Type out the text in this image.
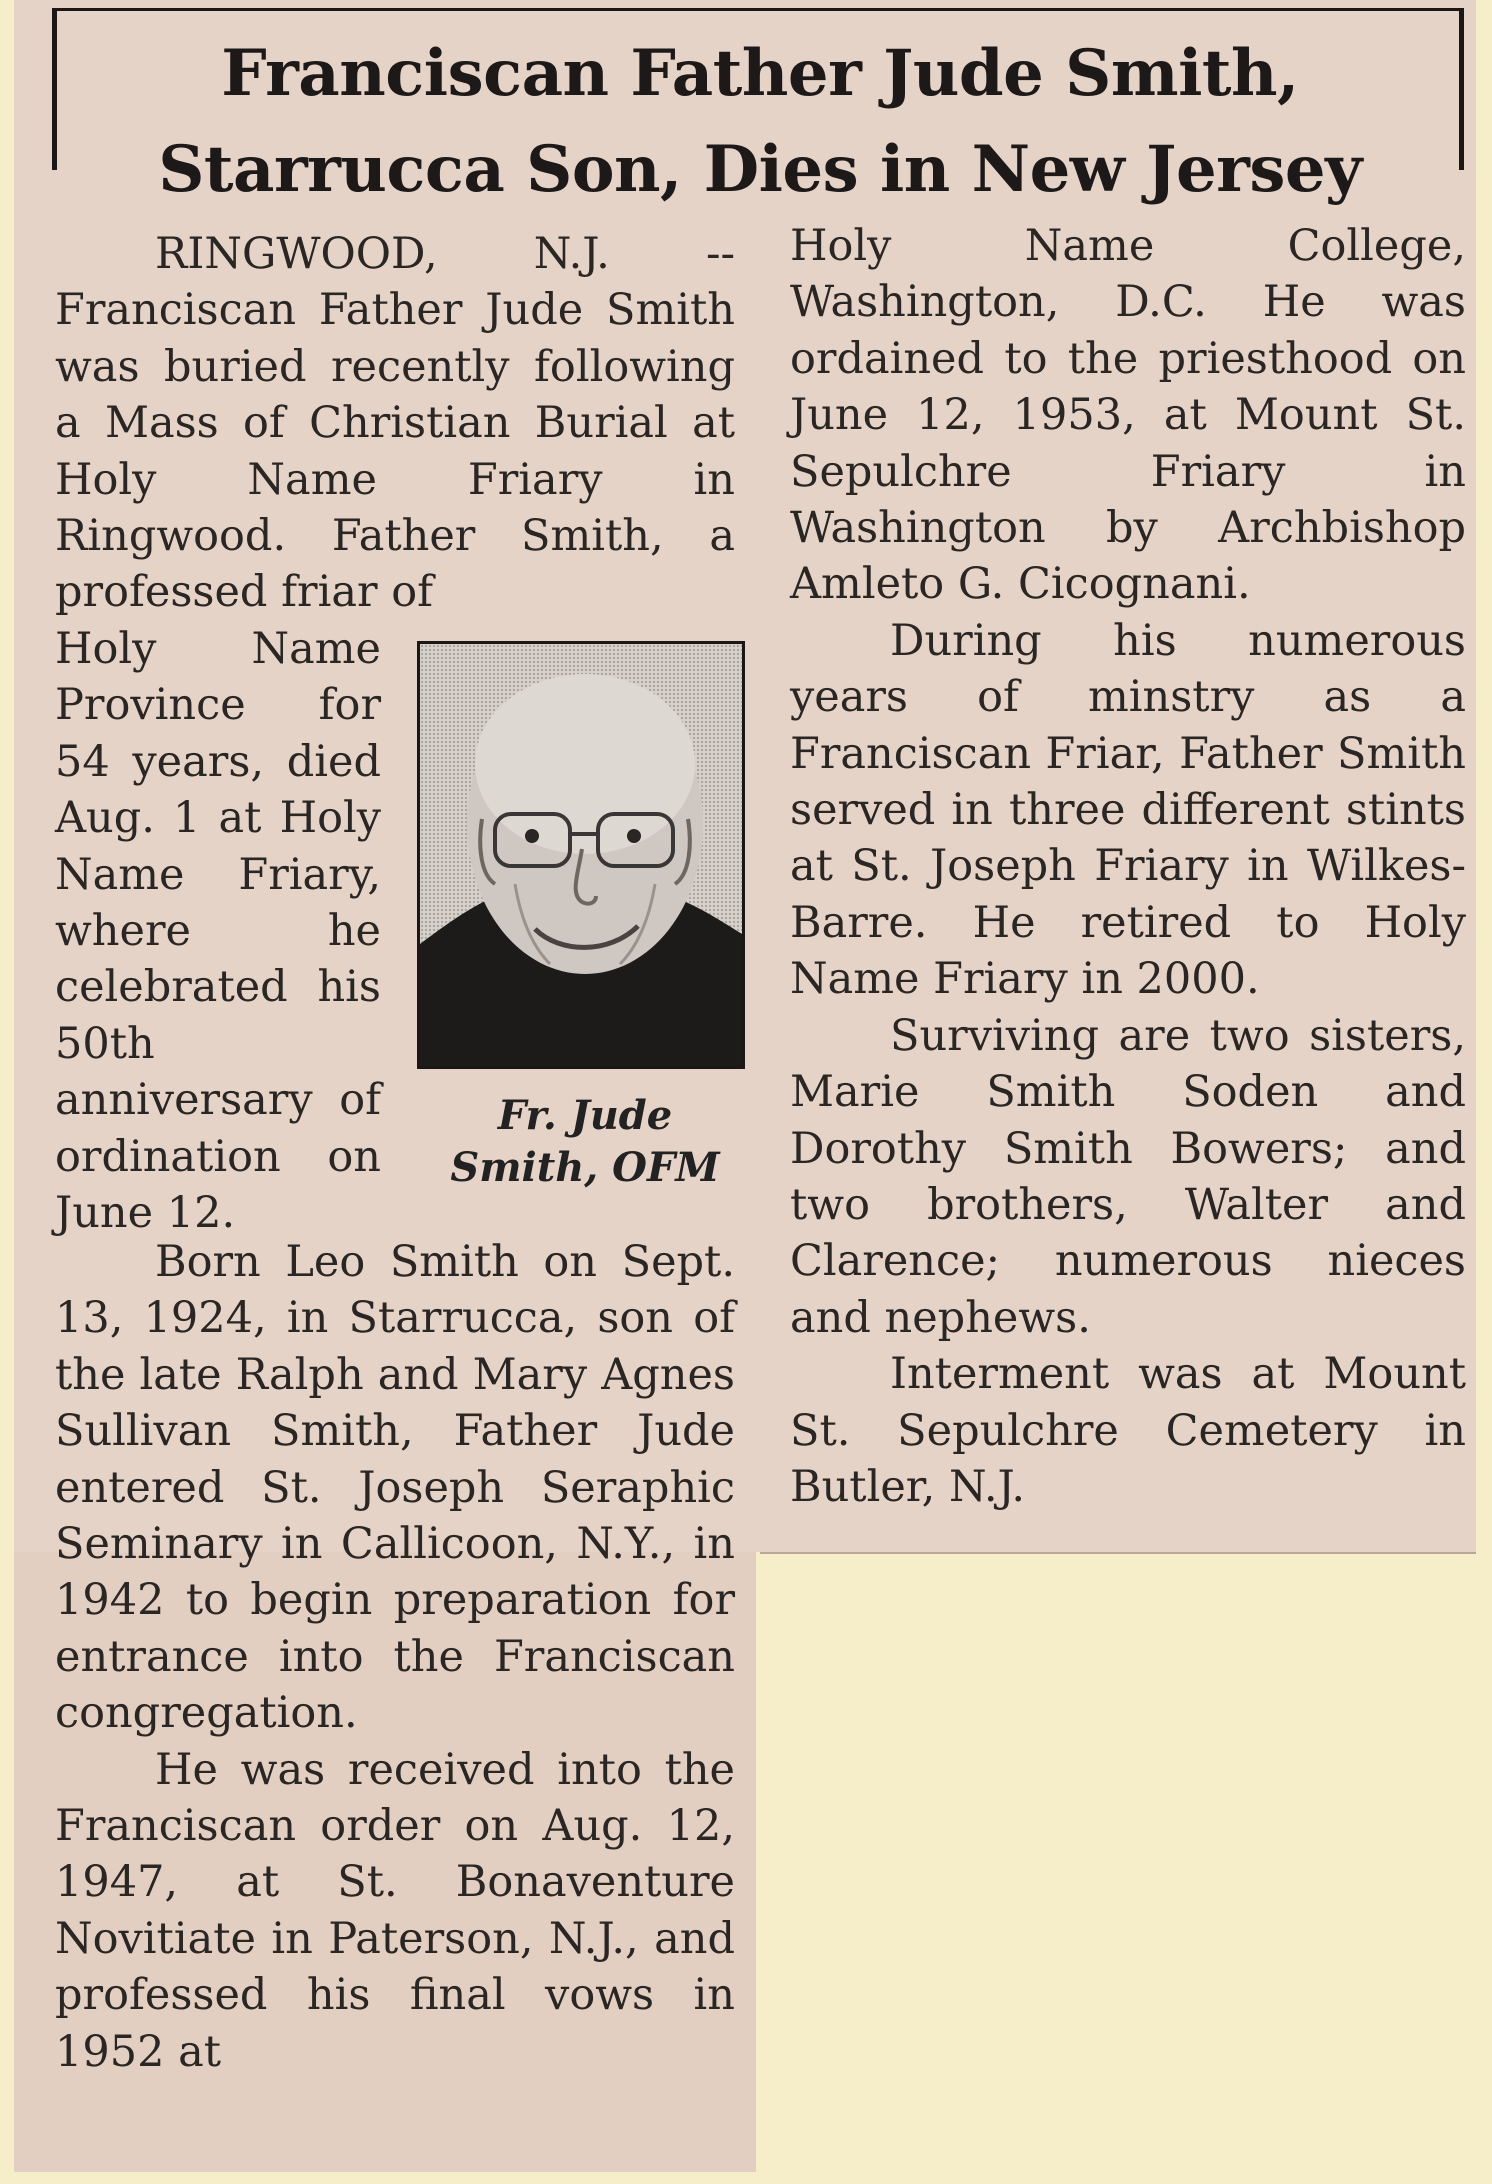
Franciscan Father Jude Smith,
Starrucca Son, Dies in New Jersey

RINGWOOD, N.J. -- Franciscan Father Jude Smith was buried recently following a Mass of Christian Burial at Holy Name Friary in Ringwood. Father Smith, a professed friar of

Holy Name Province for 54 years, died Aug. 1 at Holy Name Friary, where he celebrated his 50th anniversary of ordination on June 12.

Fr. Jude
Smith, OFM

Born Leo Smith on Sept. 13, 1924, in Starrucca, son of the late Ralph and Mary Agnes Sullivan Smith, Father Jude entered St. Joseph Seraphic Seminary in Callicoon, N.Y., in 1942 to begin preparation for entrance into the Franciscan congregation.

He was received into the Franciscan order on Aug. 12, 1947, at St. Bonaventure Novitiate in Paterson, N.J., and professed his final vows in 1952 at

Holy Name College, Washington, D.C. He was ordained to the priesthood on June 12, 1953, at Mount St. Sepulchre Friary in Washington by Archbishop Amleto G. Cicognani.

During his numerous years of minstry as a Franciscan Friar, Father Smith served in three different stints at St. Joseph Friary in Wilkes-Barre. He retired to Holy Name Friary in 2000.

Surviving are two sisters, Marie Smith Soden and Dorothy Smith Bowers; and two brothers, Walter and Clarence; numerous nieces and nephews.

Interment was at Mount St. Sepulchre Cemetery in Butler, N.J.
